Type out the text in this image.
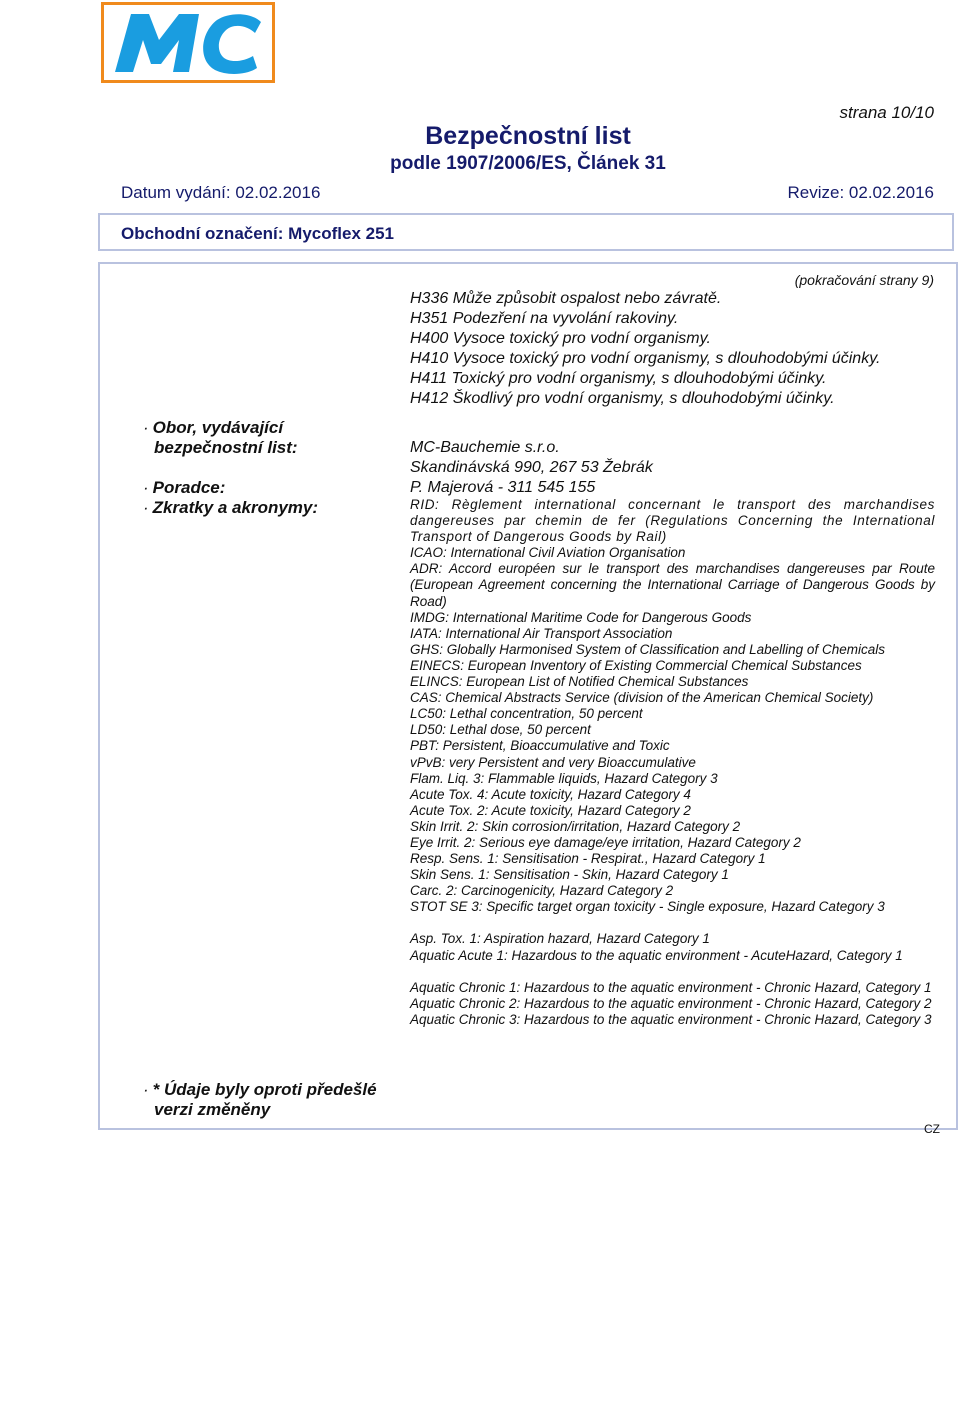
strana 10/10
Bezpečnostní list
podle 1907/2006/ES, Článek 31
Datum vydání: 02.02.2016	Revize: 02.02.2016
Obchodní označení: Mycoflex 251
(pokračování strany 9)
H336 Může způsobit ospalost nebo závratě.
H351 Podezření na vyvolání rakoviny.
H400 Vysoce toxický pro vodní organismy.
H410 Vysoce toxický pro vodní organismy, s dlouhodobými účinky.
H411 Toxický pro vodní organismy, s dlouhodobými účinky.
H412 Škodlivý pro vodní organismy, s dlouhodobými účinky.
· Obor, vydávající
bezpečnostní list:	MC-Bauchemie s.r.o.
Skandinávská 990, 267 53 Žebrák
· Poradce:	P. Majerová - 311 545 155
· Zkratky a akronymy:	RID: Règlement international concernant le transport des marchandises dangereuses par chemin de fer (Regulations Concerning the International Transport of Dangerous Goods by Rail)
ICAO: International Civil Aviation Organisation
ADR: Accord européen sur le transport des marchandises dangereuses par Route (European Agreement concerning the International Carriage of Dangerous Goods by Road)
IMDG: International Maritime Code for Dangerous Goods
IATA: International Air Transport Association
GHS: Globally Harmonised System of Classification and Labelling of Chemicals
EINECS: European Inventory of Existing Commercial Chemical Substances
ELINCS: European List of Notified Chemical Substances
CAS: Chemical Abstracts Service (division of the American Chemical Society)
LC50: Lethal concentration, 50 percent
LD50: Lethal dose, 50 percent
PBT: Persistent, Bioaccumulative and Toxic
vPvB: very Persistent and very Bioaccumulative
Flam. Liq. 3: Flammable liquids, Hazard Category 3
Acute Tox. 4: Acute toxicity, Hazard Category 4
Acute Tox. 2: Acute toxicity, Hazard Category 2
Skin Irrit. 2: Skin corrosion/irritation, Hazard Category 2
Eye Irrit. 2: Serious eye damage/eye irritation, Hazard Category 2
Resp. Sens. 1: Sensitisation - Respirat., Hazard Category 1
Skin Sens. 1: Sensitisation - Skin, Hazard Category 1
Carc. 2: Carcinogenicity, Hazard Category 2
STOT SE 3: Specific target organ toxicity - Single exposure, Hazard Category 3
Asp. Tox. 1: Aspiration hazard, Hazard Category 1
Aquatic Acute 1: Hazardous to the aquatic environment - AcuteHazard, Category 1
Aquatic Chronic 1: Hazardous to the aquatic environment - Chronic Hazard, Category 1
Aquatic Chronic 2: Hazardous to the aquatic environment - Chronic Hazard, Category 2
Aquatic Chronic 3: Hazardous to the aquatic environment - Chronic Hazard, Category 3
· * Údaje byly oproti předešlé
verzi změněny
CZ
